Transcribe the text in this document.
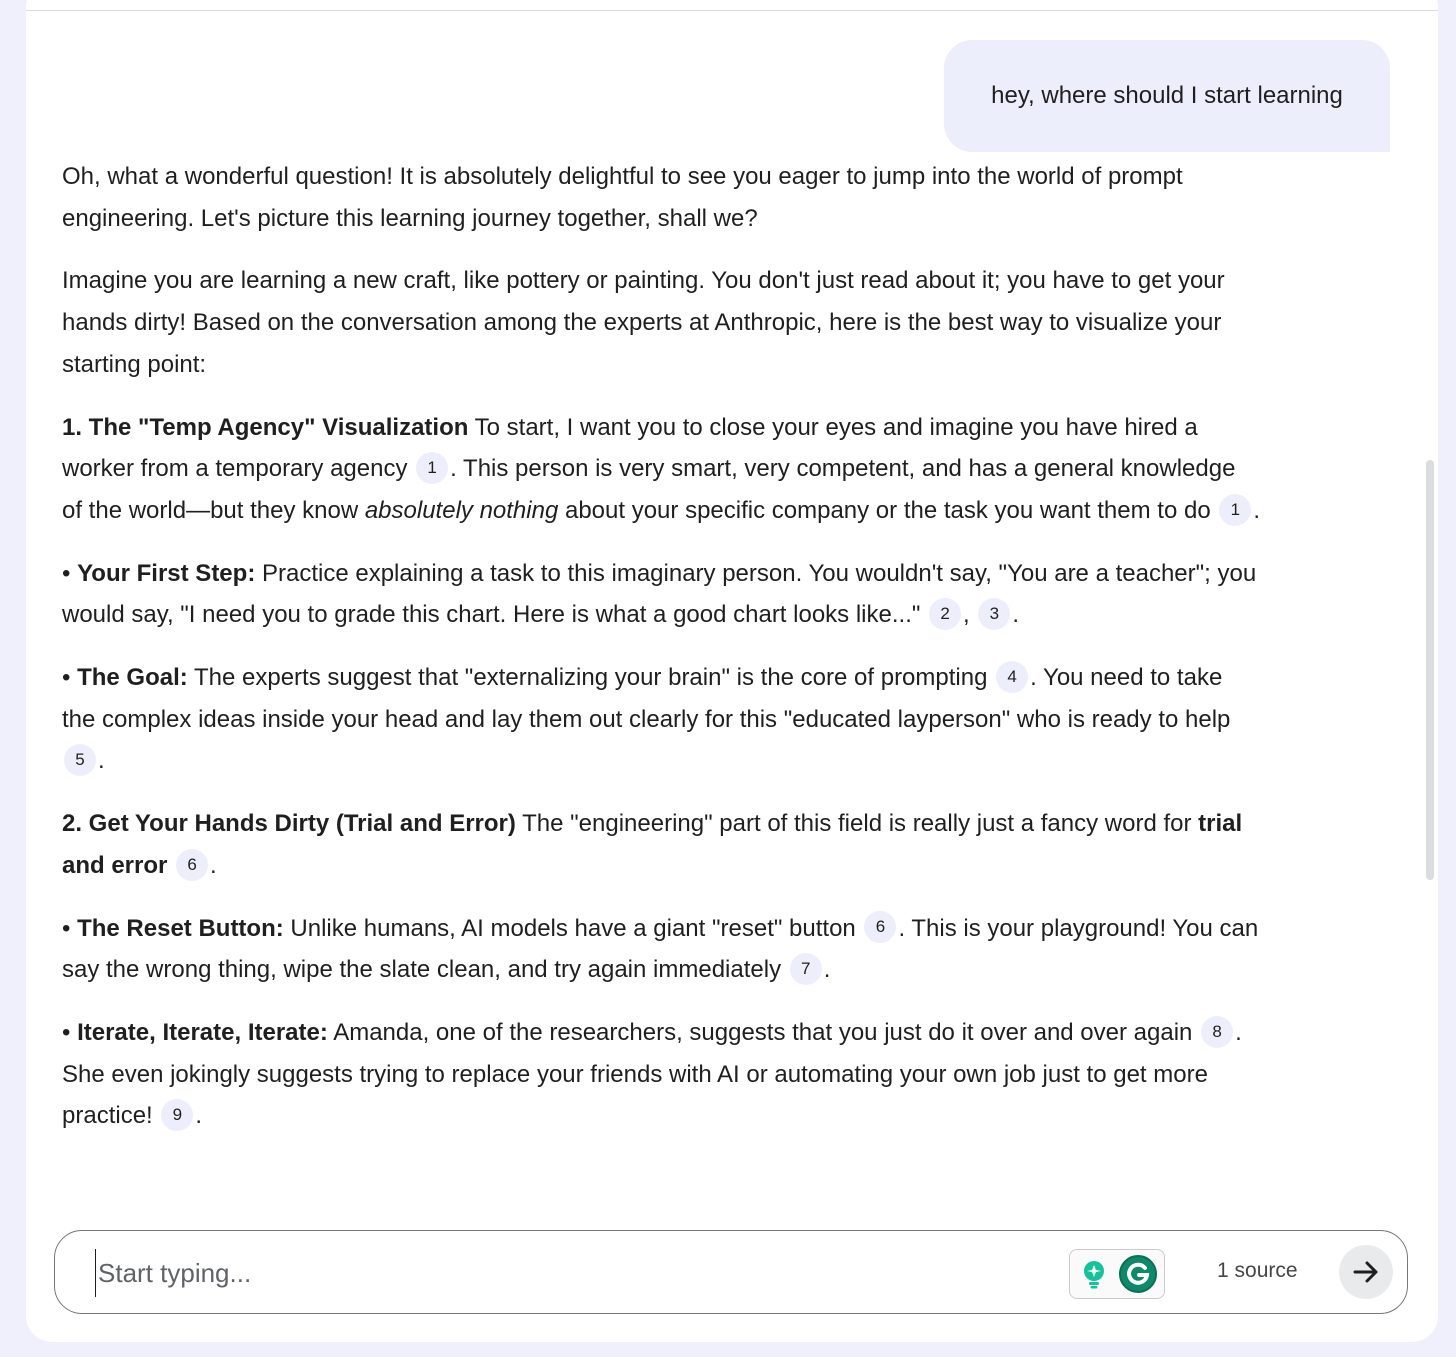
hey, where should I start learning

Oh, what a wonderful question! It is absolutely delightful to see you eager to jump into the world of prompt engineering. Let's picture this learning journey together, shall we?

Imagine you are learning a new craft, like pottery or painting. You don't just read about it; you have to get your hands dirty! Based on the conversation among the experts at Anthropic, here is the best way to visualize your starting point:

1. The "Temp Agency" Visualization To start, I want you to close your eyes and imagine you have hired a worker from a temporary agency 1 . This person is very smart, very competent, and has a general knowledge of the world—but they know absolutely nothing about your specific company or the task you want them to do 1 .

• Your First Step: Practice explaining a task to this imaginary person. You wouldn't say, "You are a teacher"; you would say, "I need you to grade this chart. Here is what a good chart looks like..." 2 , 3 .

• The Goal: The experts suggest that "externalizing your brain" is the core of prompting 4 . You need to take the complex ideas inside your head and lay them out clearly for this "educated layperson" who is ready to help 5 .

2. Get Your Hands Dirty (Trial and Error) The "engineering" part of this field is really just a fancy word for trial and error 6 .

• The Reset Button: Unlike humans, AI models have a giant "reset" button 6 . This is your playground! You can say the wrong thing, wipe the slate clean, and try again immediately 7 .

• Iterate, Iterate, Iterate: Amanda, one of the researchers, suggests that you just do it over and over again 8 . She even jokingly suggests trying to replace your friends with AI or automating your own job just to get more practice! 9 .

Start typing...
1 source
